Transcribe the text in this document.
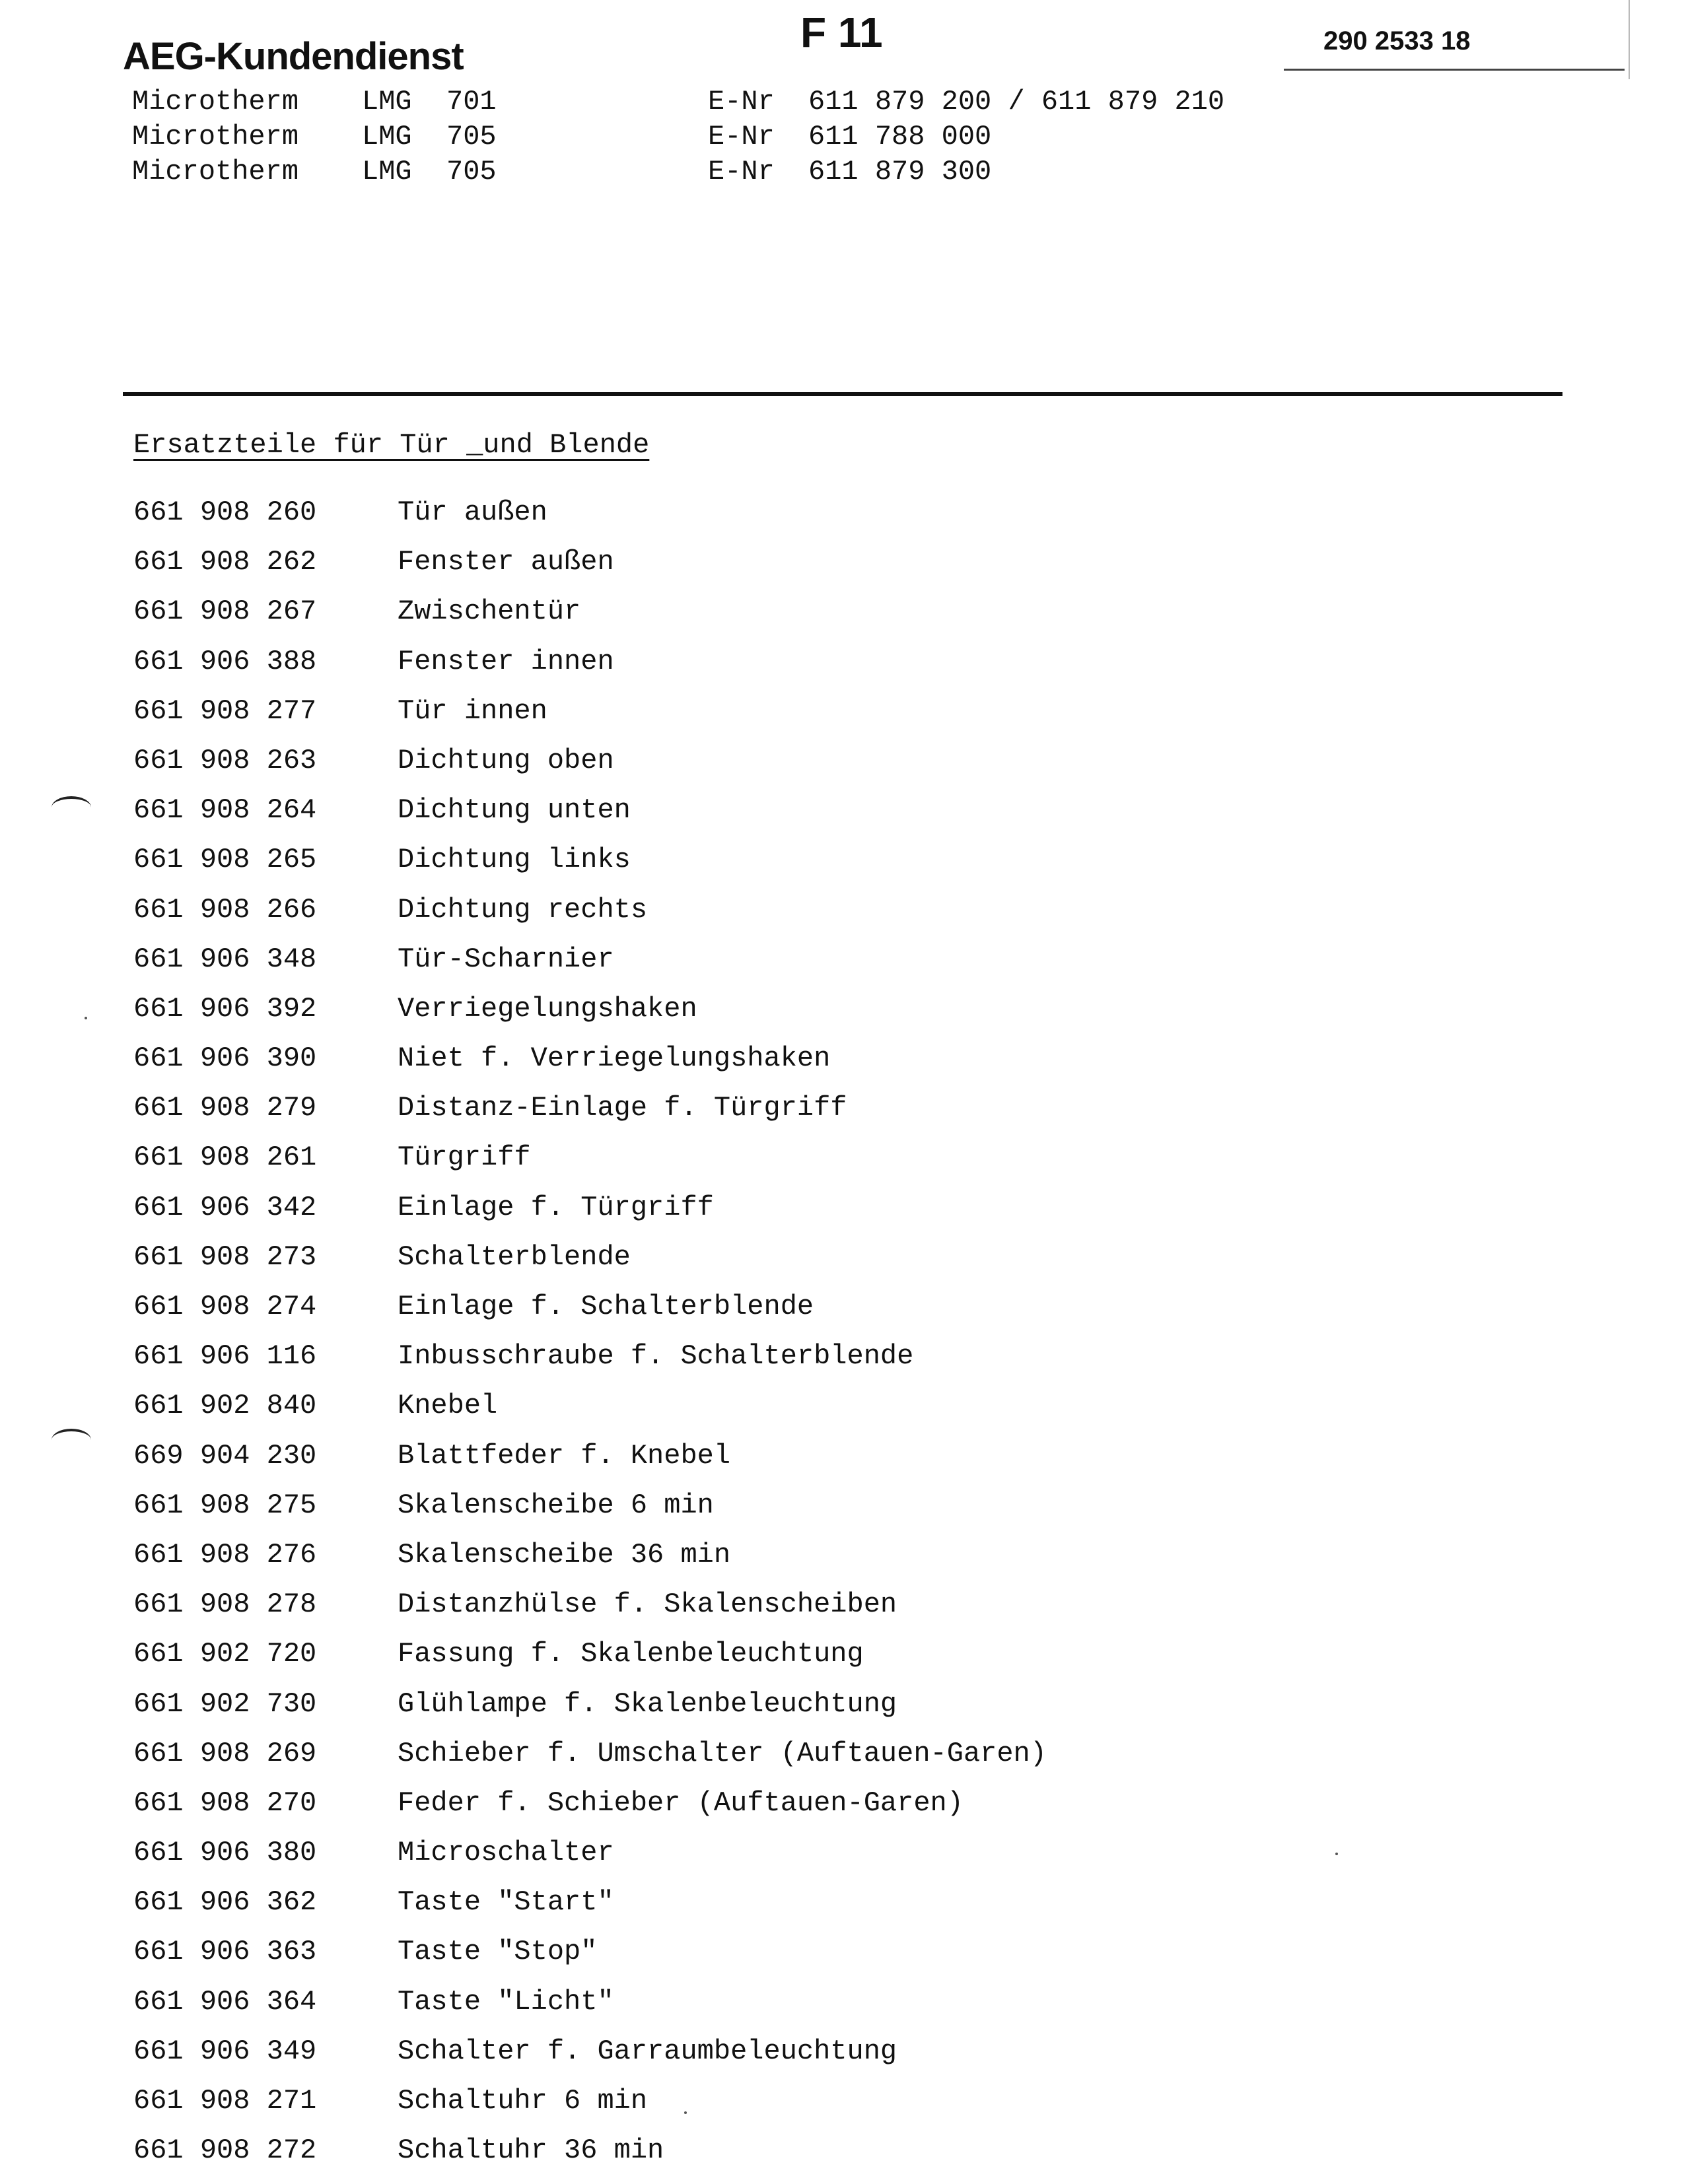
AEG-Kundendienst
F 11	290 2533 18
Microtherm LMG 701	E-Nr 611 879 200 / 611 879 210
Microtherm LMG 705	E-Nr 611 788 000
Microtherm LMG 705	E-Nr 611 879 300
Ersatzteile für Tür _und Blende
661 908 260	Tür außen
661 908 262	Fenster außen
661 908 267	Zwischentür
661 906 388	Fenster innen
661 908 277	Tür innen
661 908 263	Dichtung oben
661 908 264	Dichtung unten
661 908 265	Dichtung links
661 908 266	Dichtung rechts
661 906 348	Tür-Scharnier
661 906 392	Verriegelungshaken
661 906 390	Niet f. Verriegelungshaken
661 908 279	Distanz-Einlage f. Türgriff
661 908 261	Türgriff
661 906 342	Einlage f. Türgriff
661 908 273	Schalterblende
661 908 274	Einlage f. Schalterblende
661 906 116	Inbusschraube f. Schalterblende
661 902 840	Knebel
669 904 230	Blattfeder f. Knebel
661 908 275	Skalenscheibe 6 min
661 908 276	Skalenscheibe 36 min
661 908 278	Distanzhülse f. Skalenscheiben
661 902 720	Fassung f. Skalenbeleuchtung
661 902 730	Glühlampe f. Skalenbeleuchtung
661 908 269	Schieber f. Umschalter (Auftauen-Garen)
661 908 270	Feder f. Schieber (Auftauen-Garen)
661 906 380	Microschalter
661 906 362	Taste "Start"
661 906 363	Taste "Stop"
661 906 364	Taste "Licht"
661 906 349	Schalter f. Garraumbeleuchtung
661 908 271	Schaltuhr 6 min
661 908 272	Schaltuhr 36 min
